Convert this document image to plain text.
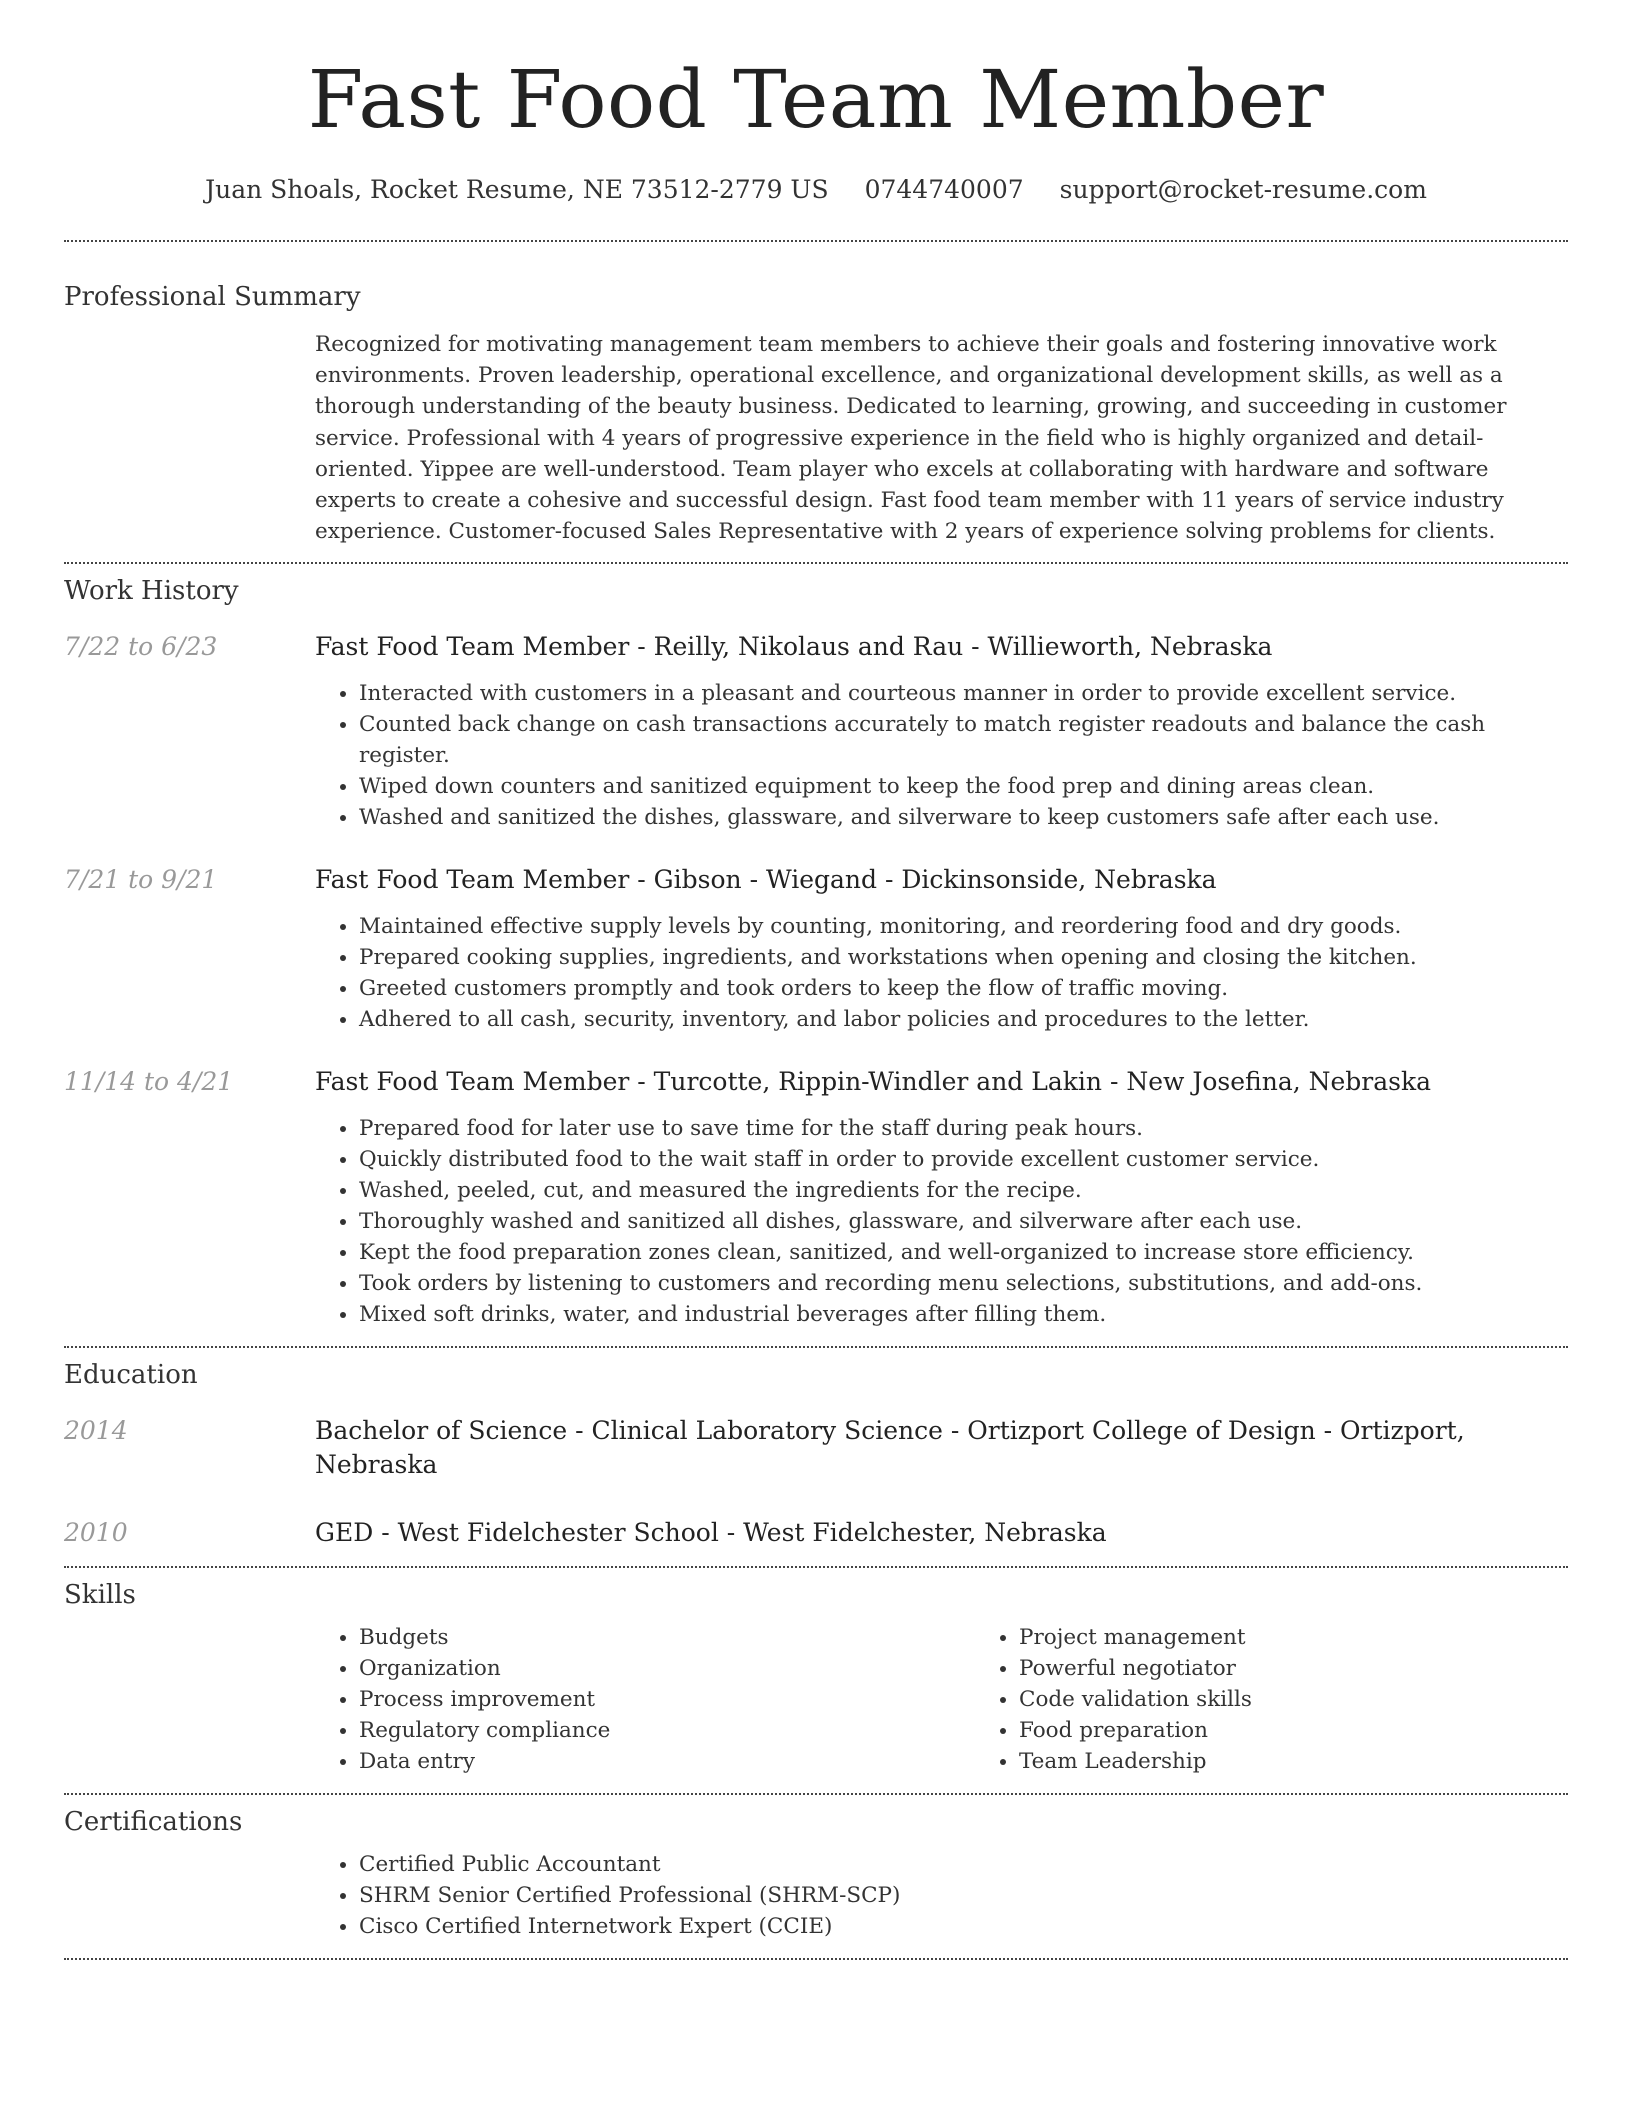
Fast Food Team Member
Juan Shoals, Rocket Resume, NE 73512-2779 US 0744740007 support@rocket-resume.com
Professional Summary
Recognized for motivating management team members to achieve their goals and fostering innovative work environments. Proven leadership, operational excellence, and organizational development skills, as well as a thorough understanding of the beauty business. Dedicated to learning, growing, and succeeding in customer service. Professional with 4 years of progressive experience in the field who is highly organized and detail-oriented. Yippee are well-understood. Team player who excels at collaborating with hardware and software experts to create a cohesive and successful design. Fast food team member with 11 years of service industry experience. Customer-focused Sales Representative with 2 years of experience solving problems for clients.
Work History
7/22 to 6/23	Fast Food Team Member - Reilly, Nikolaus and Rau - Willieworth, Nebraska
• Interacted with customers in a pleasant and courteous manner in order to provide excellent service.
• Counted back change on cash transactions accurately to match register readouts and balance the cash register.
• Wiped down counters and sanitized equipment to keep the food prep and dining areas clean.
• Washed and sanitized the dishes, glassware, and silverware to keep customers safe after each use.
7/21 to 9/21	Fast Food Team Member - Gibson - Wiegand - Dickinsonside, Nebraska
• Maintained effective supply levels by counting, monitoring, and reordering food and dry goods.
• Prepared cooking supplies, ingredients, and workstations when opening and closing the kitchen.
• Greeted customers promptly and took orders to keep the flow of traffic moving.
• Adhered to all cash, security, inventory, and labor policies and procedures to the letter.
11/14 to 4/21	Fast Food Team Member - Turcotte, Rippin-Windler and Lakin - New Josefina, Nebraska
• Prepared food for later use to save time for the staff during peak hours.
• Quickly distributed food to the wait staff in order to provide excellent customer service.
• Washed, peeled, cut, and measured the ingredients for the recipe.
• Thoroughly washed and sanitized all dishes, glassware, and silverware after each use.
• Kept the food preparation zones clean, sanitized, and well-organized to increase store efficiency.
• Took orders by listening to customers and recording menu selections, substitutions, and add-ons.
• Mixed soft drinks, water, and industrial beverages after filling them.
Education
2014	Bachelor of Science - Clinical Laboratory Science - Ortizport College of Design - Ortizport, Nebraska
2010	GED - West Fidelchester School - West Fidelchester, Nebraska
Skills
• Budgets
• Organization
• Process improvement
• Regulatory compliance
• Data entry
• Project management
• Powerful negotiator
• Code validation skills
• Food preparation
• Team Leadership
Certifications
• Certified Public Accountant
• SHRM Senior Certified Professional (SHRM-SCP)
• Cisco Certified Internetwork Expert (CCIE)
